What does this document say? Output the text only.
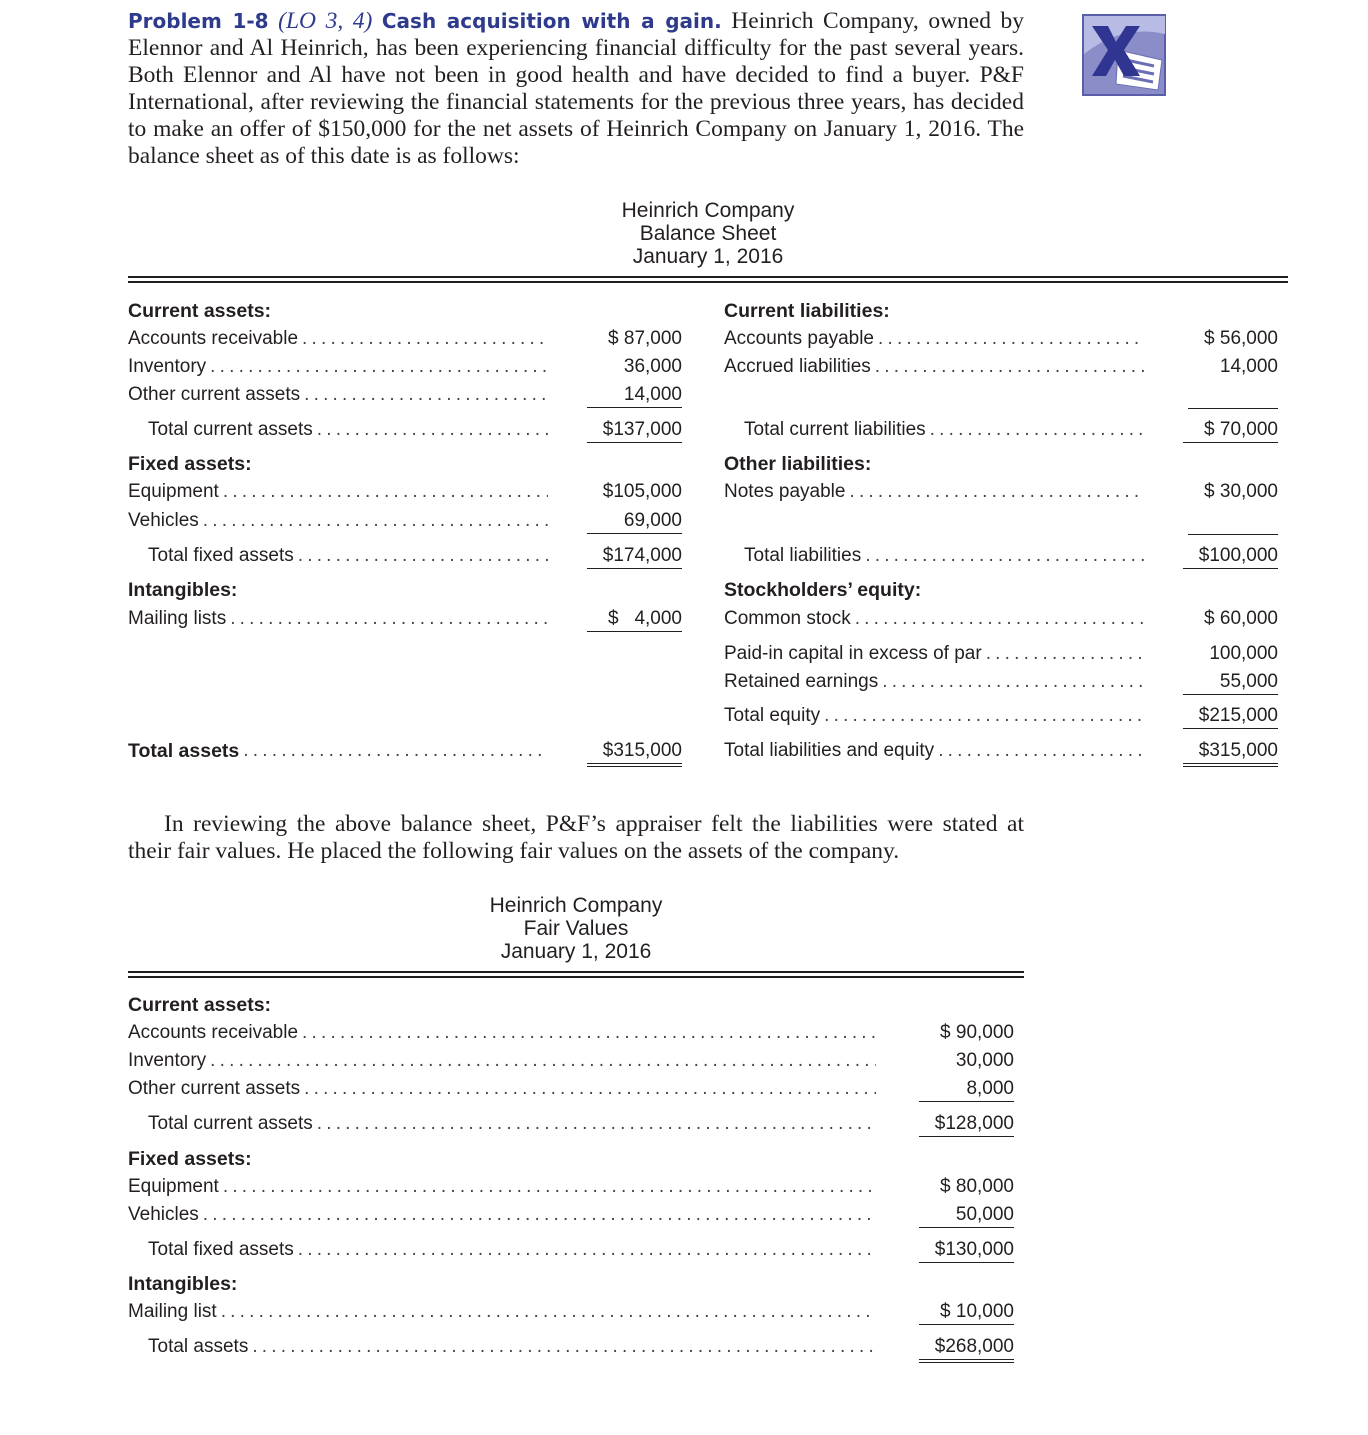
Problem 1-8 (LO 3, 4) Cash acquisition with a gain. Heinrich Company, owned by Elennor and Al Heinrich, has been experiencing financial difficulty for the past several years. Both Elennor and Al have not been in good health and have decided to find a buyer. P&F International, after reviewing the financial statements for the previous three years, has decided to make an offer of $150,000 for the net assets of Heinrich Company on January 1, 2016. The balance sheet as of this date is as follows:
Heinrich Company
Balance Sheet
January 1, 2016
Current assets:
Accounts receivable .....	$ 87,000
Inventory .....	36,000
Other current assets .....	14,000
Total current assets .....	$137,000
Fixed assets:
Equipment .....	$105,000
Vehicles .....	69,000
Total fixed assets .....	$174,000
Intangibles:
Mailing lists .....	$   4,000
Total assets .....	$315,000
Current liabilities:
Accounts payable .....	$ 56,000
Accrued liabilities .....	14,000
Total current liabilities .....	$ 70,000
Other liabilities:
Notes payable .....	$ 30,000
Total liabilities .....	$100,000
Stockholders’ equity:
Common stock .....	$ 60,000
Paid-in capital in excess of par .....	100,000
Retained earnings .....	55,000
Total equity .....	$215,000
Total liabilities and equity .....	$315,000
In reviewing the above balance sheet, P&F’s appraiser felt the liabilities were stated at their fair values. He placed the following fair values on the assets of the company.
Heinrich Company
Fair Values
January 1, 2016
Current assets:
Accounts receivable .....	$ 90,000
Inventory .....	30,000
Other current assets .....	8,000
Total current assets .....	$128,000
Fixed assets:
Equipment .....	$ 80,000
Vehicles .....	50,000
Total fixed assets .....	$130,000
Intangibles:
Mailing list .....	$ 10,000
Total assets .....	$268,000
